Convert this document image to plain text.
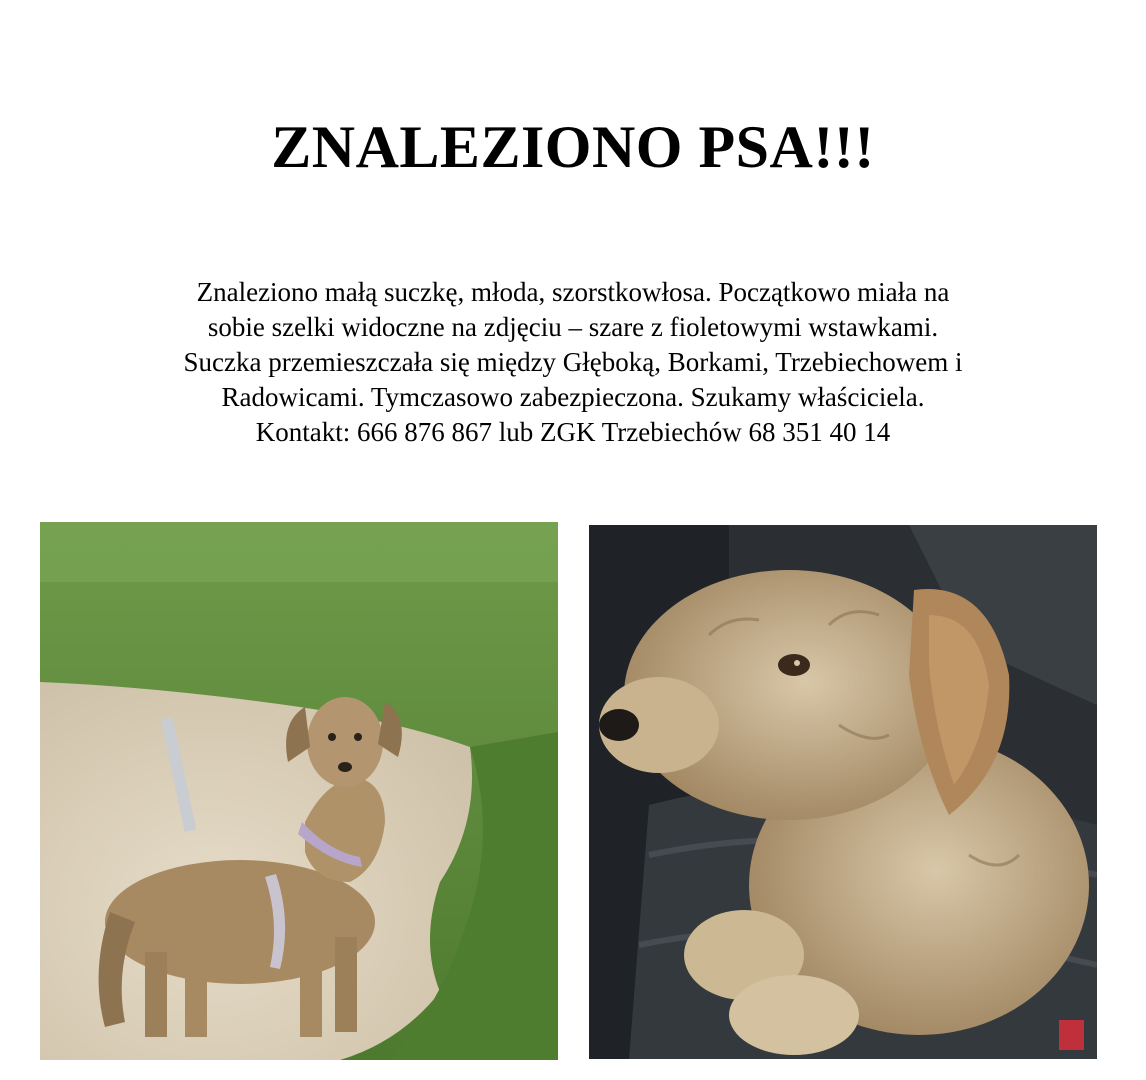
ZNALEZIONO PSA!!!
Znaleziono małą suczkę, młoda, szorstkowłosa. Początkowo miała na
sobie szelki widoczne na zdjęciu – szare z fioletowymi wstawkami.
Suczka przemieszczała się między Głęboką, Borkami, Trzebiechowem i
Radowicami. Tymczasowo zabezpieczona. Szukamy właściciela.
Kontakt: 666 876 867 lub ZGK Trzebiechów 68 351 40 14
